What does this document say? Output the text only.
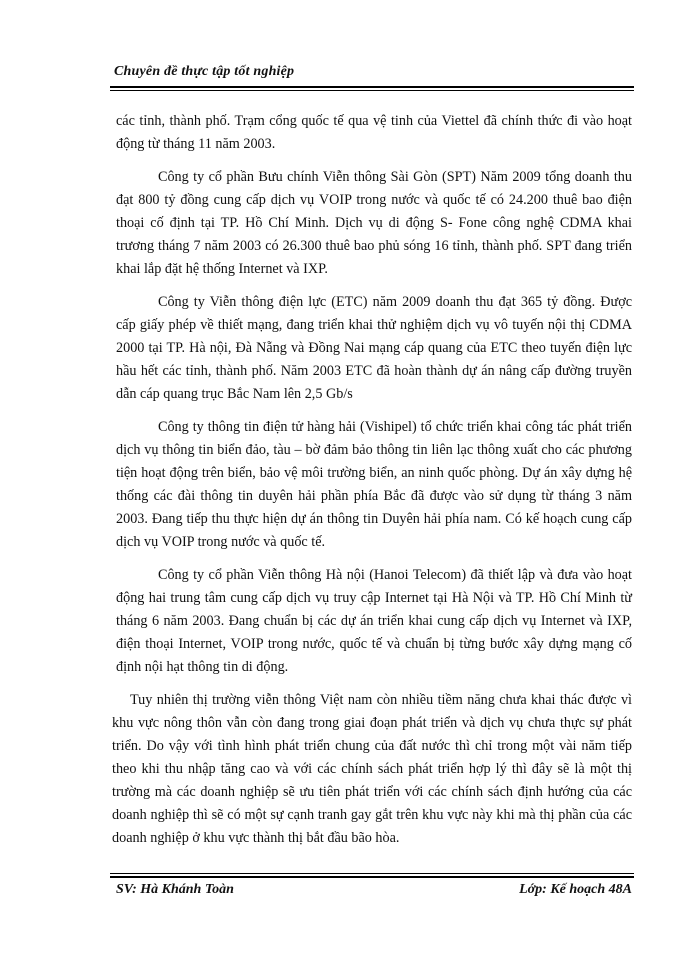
Chuyên đề thực tập tốt nghiệp

các tỉnh, thành phố. Trạm cổng quốc tế qua vệ tinh của Viettel đã chính thức đi vào hoạt động từ tháng 11 năm 2003.

Công ty cổ phần Bưu chính Viễn thông Sài Gòn (SPT) Năm 2009 tổng doanh thu đạt 800 tỷ đồng cung cấp dịch vụ VOIP trong nước và quốc tế có 24.200 thuê bao điện thoại cố định tại TP. Hồ Chí Minh. Dịch vụ di động S- Fone công nghệ CDMA khai trương tháng 7 năm 2003 có 26.300 thuê bao phủ sóng 16 tỉnh, thành phố. SPT đang triển khai lắp đặt hệ thống Internet và IXP.

Công ty Viễn thông điện lực (ETC) năm 2009 doanh thu đạt 365 tỷ đồng. Được cấp giấy phép về thiết mạng, đang triển khai thử nghiệm dịch vụ vô tuyến nội thị CDMA 2000 tại TP. Hà nội, Đà Nẵng và Đồng Nai mạng cáp quang của ETC theo tuyến điện lực hầu hết các tỉnh, thành phố. Năm 2003 ETC đã hoàn thành dự án nâng cấp đường truyền dẫn cáp quang trục Bắc Nam lên 2,5 Gb/s

Công ty thông tin điện tử hàng hải (Vishipel) tổ chức triển khai công tác phát triển dịch vụ thông tin biển đảo, tàu – bờ đảm bảo thông tin liên lạc thông xuất cho các phương tiện hoạt động trên biển, bảo vệ môi trường biển, an ninh quốc phòng. Dự án xây dựng hệ thống các đài thông tin duyên hải phần phía Bắc đã được vào sử dụng từ tháng 3 năm 2003. Đang tiếp thu thực hiện dự án thông tin Duyên hải phía nam. Có kế hoạch cung cấp dịch vụ VOIP trong nước và quốc tế.

Công ty cổ phần Viễn thông Hà nội (Hanoi Telecom) đã thiết lập và đưa vào hoạt động hai trung tâm cung cấp dịch vụ truy cập Internet tại Hà Nội và TP. Hồ Chí Minh từ tháng 6 năm 2003. Đang chuẩn bị các dự án triển khai cung cấp dịch vụ Internet và IXP, điện thoại Internet, VOIP trong nước, quốc tế và chuẩn bị từng bước xây dựng mạng cố định nội hạt thông tin di động.

Tuy nhiên thị trường viễn thông Việt nam còn nhiều tiềm năng chưa khai thác được vì khu vực nông thôn vẫn còn đang trong giai đoạn phát triển và dịch vụ chưa thực sự phát triển. Do vậy với tình hình phát triển chung của đất nước thì chỉ trong một vài năm tiếp theo khi thu nhập tăng cao và với các chính sách phát triển hợp lý thì đây sẽ là một thị trường mà các doanh nghiệp sẽ ưu tiên phát triển với các chính sách định hướng của các doanh nghiệp thì sẽ có một sự cạnh tranh gay gắt trên khu vực này khi mà thị phần của các doanh nghiệp ở khu vực thành thị bắt đầu bão hòa.

SV: Hà Khánh Toàn	Lớp: Kế hoạch 48A
